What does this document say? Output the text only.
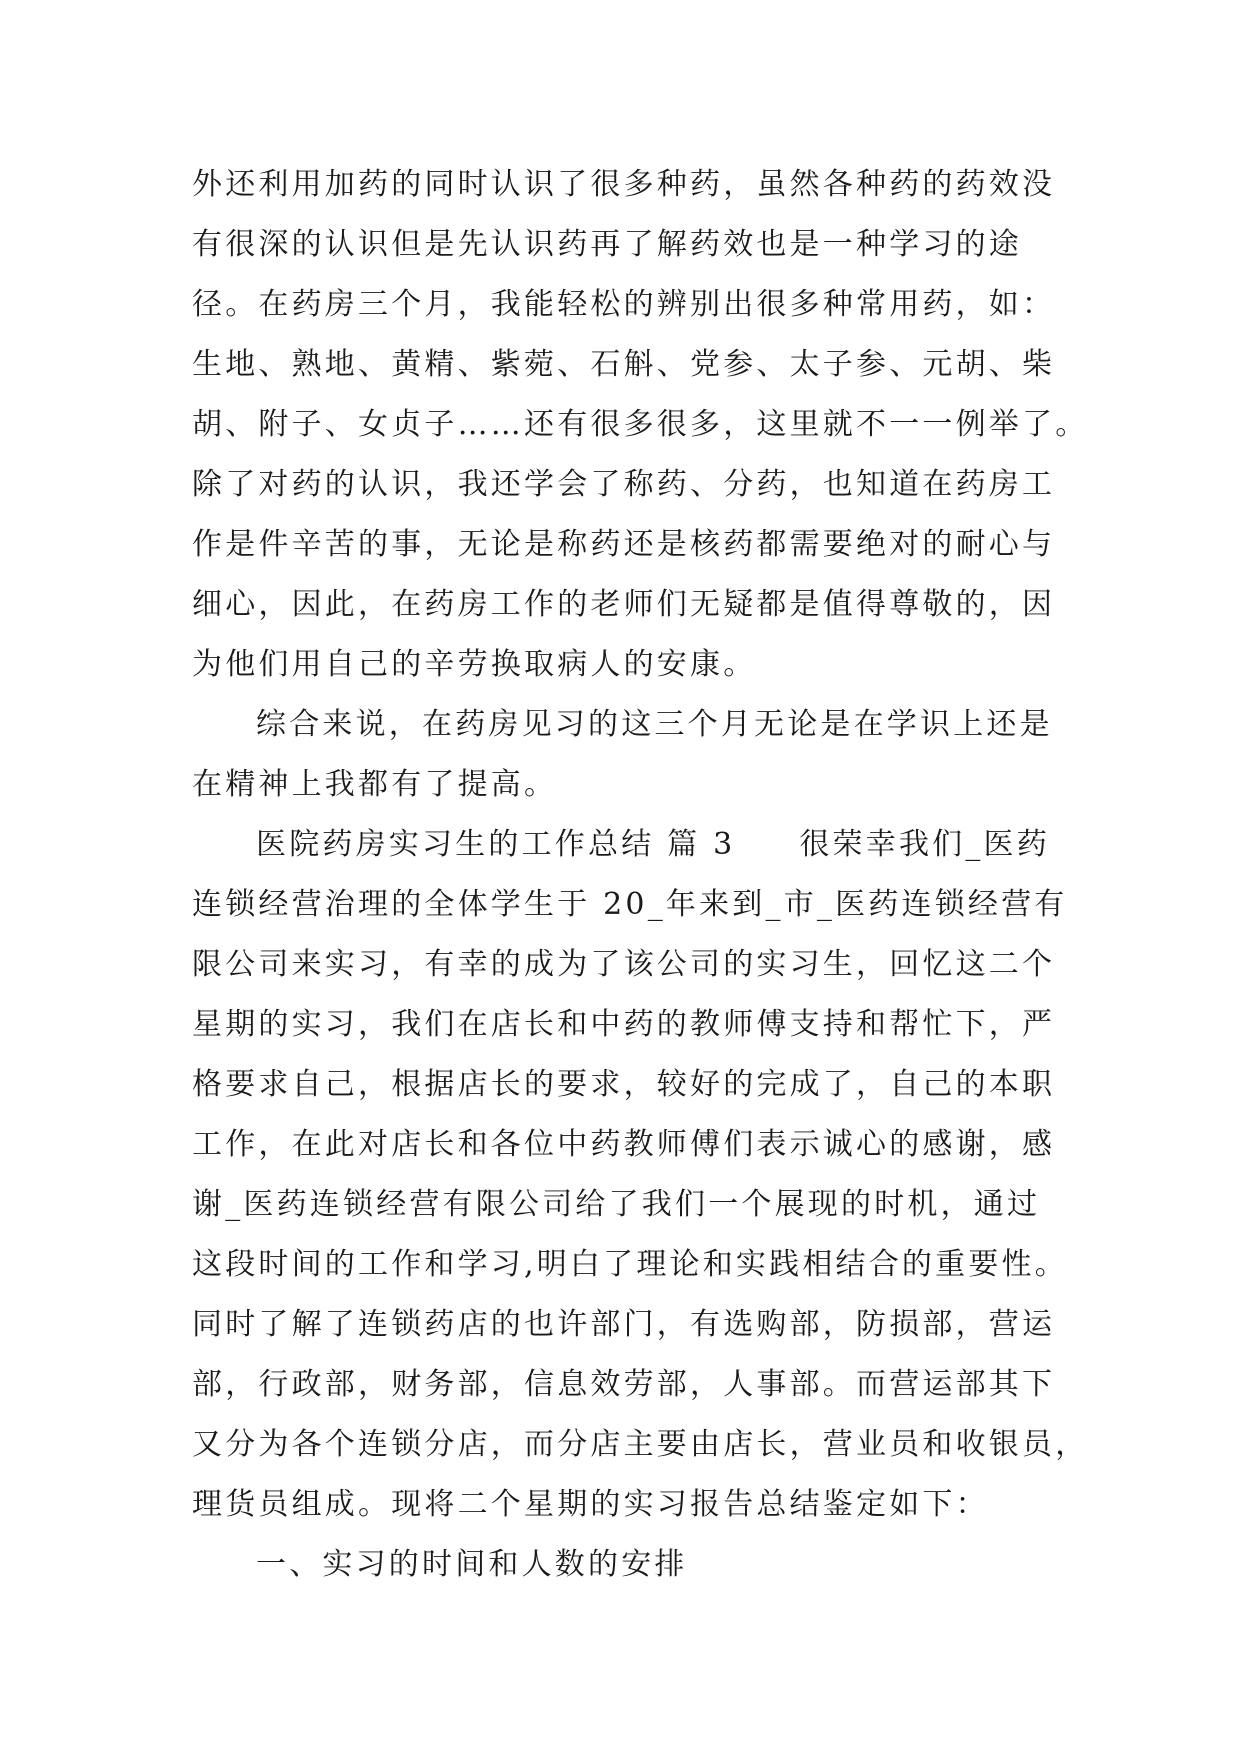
外还利用加药的同时认识了很多种药，虽然各种药的药效没
有很深的认识但是先认识药再了解药效也是一种学习的途
径。在药房三个月，我能轻松的辨别出很多种常用药，如：
生地、熟地、黄精、紫菀、石斛、党参、太子参、元胡、柴
胡、附子、女贞子……还有很多很多，这里就不一一例举了。
除了对药的认识，我还学会了称药、分药，也知道在药房工
作是件辛苦的事，无论是称药还是核药都需要绝对的耐心与
细心，因此，在药房工作的老师们无疑都是值得尊敬的，因
为他们用自己的辛劳换取病人的安康。
综合来说，在药房见习的这三个月无论是在学识上还是
在精神上我都有了提高。
医院药房实习生的工作总结 篇 3 很荣幸我们_医药
连锁经营治理的全体学生于 20_年来到_市_医药连锁经营有
限公司来实习，有幸的成为了该公司的实习生，回忆这二个
星期的实习，我们在店长和中药的教师傅支持和帮忙下，严
格要求自己，根据店长的要求，较好的完成了，自己的本职
工作，在此对店长和各位中药教师傅们表示诚心的感谢，感
谢_医药连锁经营有限公司给了我们一个展现的时机，通过
这段时间的工作和学习,明白了理论和实践相结合的重要性。
同时了解了连锁药店的也许部门，有选购部，防损部，营运
部，行政部，财务部，信息效劳部，人事部。而营运部其下
又分为各个连锁分店，而分店主要由店长，营业员和收银员，
理货员组成。现将二个星期的实习报告总结鉴定如下：
一、实习的时间和人数的安排
